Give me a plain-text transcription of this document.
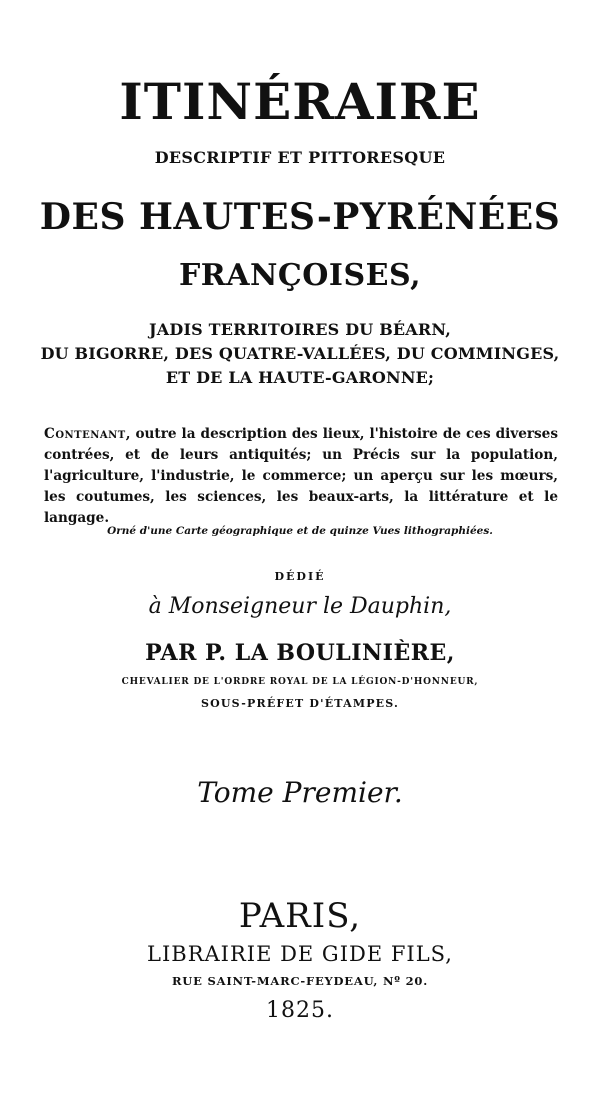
ITINÉRAIRE
DESCRIPTIF ET PITTORESQUE
DES HAUTES-PYRÉNÉES
FRANÇOISES,
JADIS TERRITOIRES DU BÉARN,
DU BIGORRE, DES QUATRE-VALLÉES, DU COMMINGES,
ET DE LA HAUTE-GARONNE;
Contenant, outre la description des lieux, l'histoire de ces diverses contrées, et de leurs antiquités; un Précis sur la population, l'agriculture, l'industrie, le commerce; un aperçu sur les mœurs, les coutumes, les sciences, les beaux-arts, la littérature et le langage.
Orné d'une Carte géographique et de quinze Vues lithographiées.
DÉDIÉ
à Monseigneur le Dauphin,
PAR P. LA BOULINIÈRE,
CHEVALIER DE L'ORDRE ROYAL DE LA LÉGION-D'HONNEUR,
SOUS-PRÉFET D'ÉTAMPES.
Tome Premier.
PARIS,
LIBRAIRIE DE GIDE FILS,
RUE SAINT-MARC-FEYDEAU, Nº 20.
1825.
